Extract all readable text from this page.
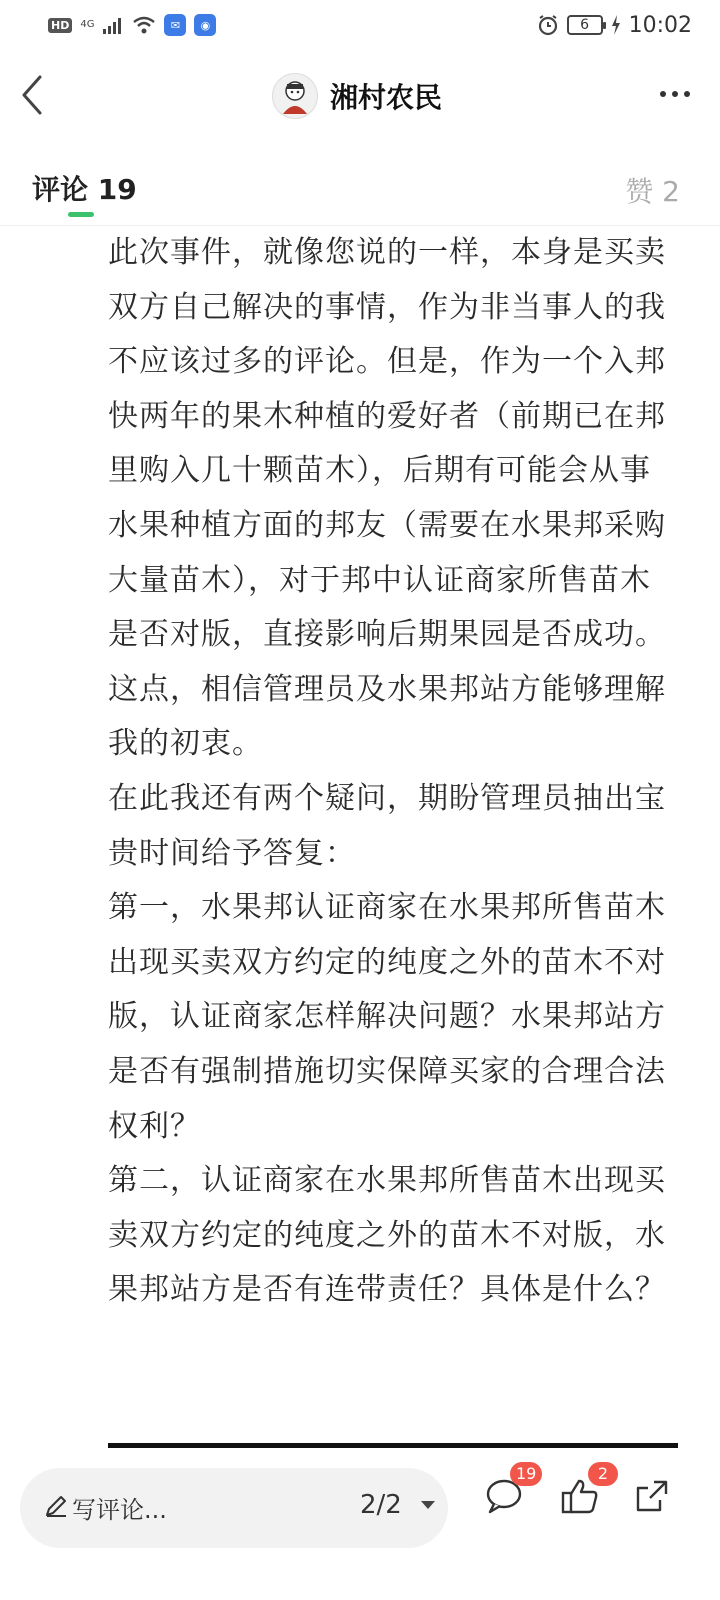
HD	4G	✉	◉	6	10:02
湘村农民
评论 19	赞 2

此次事件，就像您说的一样，本身是买卖双方自己解决的事情，作为非当事人的我不应该过多的评论。但是，作为一个入邦快两年的果木种植的爱好者（前期已在邦里购入几十颗苗木），后期有可能会从事水果种植方面的邦友（需要在水果邦采购大量苗木），对于邦中认证商家所售苗木是否对版，直接影响后期果园是否成功。这点，相信管理员及水果邦站方能够理解我的初衷。

在此我还有两个疑问，期盼管理员抽出宝贵时间给予答复：

第一，水果邦认证商家在水果邦所售苗木出现买卖双方约定的纯度之外的苗木不对版，认证商家怎样解决问题？水果邦站方是否有强制措施切实保障买家的合理合法权利？

第二，认证商家在水果邦所售苗木出现买卖双方约定的纯度之外的苗木不对版，水果邦站方是否有连带责任？具体是什么？

写评论...	2/2
19	2
